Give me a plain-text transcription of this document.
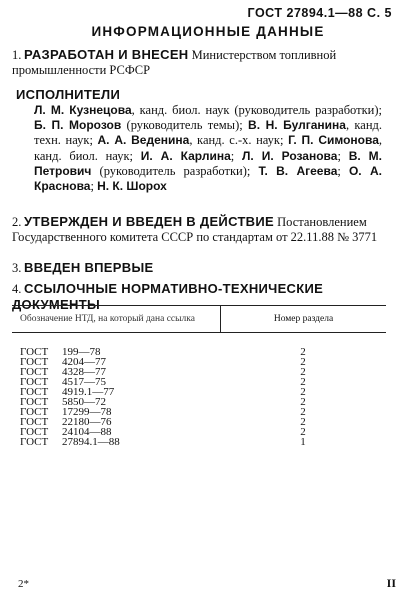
ГОСТ 27894.1—88 С. 5
ИНФОРМАЦИОННЫЕ ДАННЫЕ
1. РАЗРАБОТАН И ВНЕСЕН Министерством топливной промышленности РСФСР
ИСПОЛНИТЕЛИ
Л. М. Кузнецова, канд. биол. наук (руководитель разработки); Б. П. Морозов (руководитель темы); В. Н. Булганина, канд. техн. наук; А. А. Веденина, канд. с.-х. наук; Г. П. Симонова, канд. биол. наук; И. А. Карлина; Л. И. Розанова; В. М. Петрович (руководитель разработки); Т. В. Агеева; О. А. Краснова; Н. К. Шорох
2. УТВЕРЖДЕН И ВВЕДЕН В ДЕЙСТВИЕ Постановлением Государственного комитета СССР по стандартам от 22.11.88 № 3771
3. ВВЕДЕН ВПЕРВЫЕ
4. ССЫЛОЧНЫЕ НОРМАТИВНО-ТЕХНИЧЕСКИЕ ДОКУМЕНТЫ
Обозначение НТД, на который дана ссылка	Номер раздела
ГОСТ 199—78	2
ГОСТ 4204—77	2
ГОСТ 4328—77	2
ГОСТ 4517—75	2
ГОСТ 4919.1—77	2
ГОСТ 5850—72	2
ГОСТ 17299—78	2
ГОСТ 22180—76	2
ГОСТ 24104—88	2
ГОСТ 27894.1—88	1
2*	II
